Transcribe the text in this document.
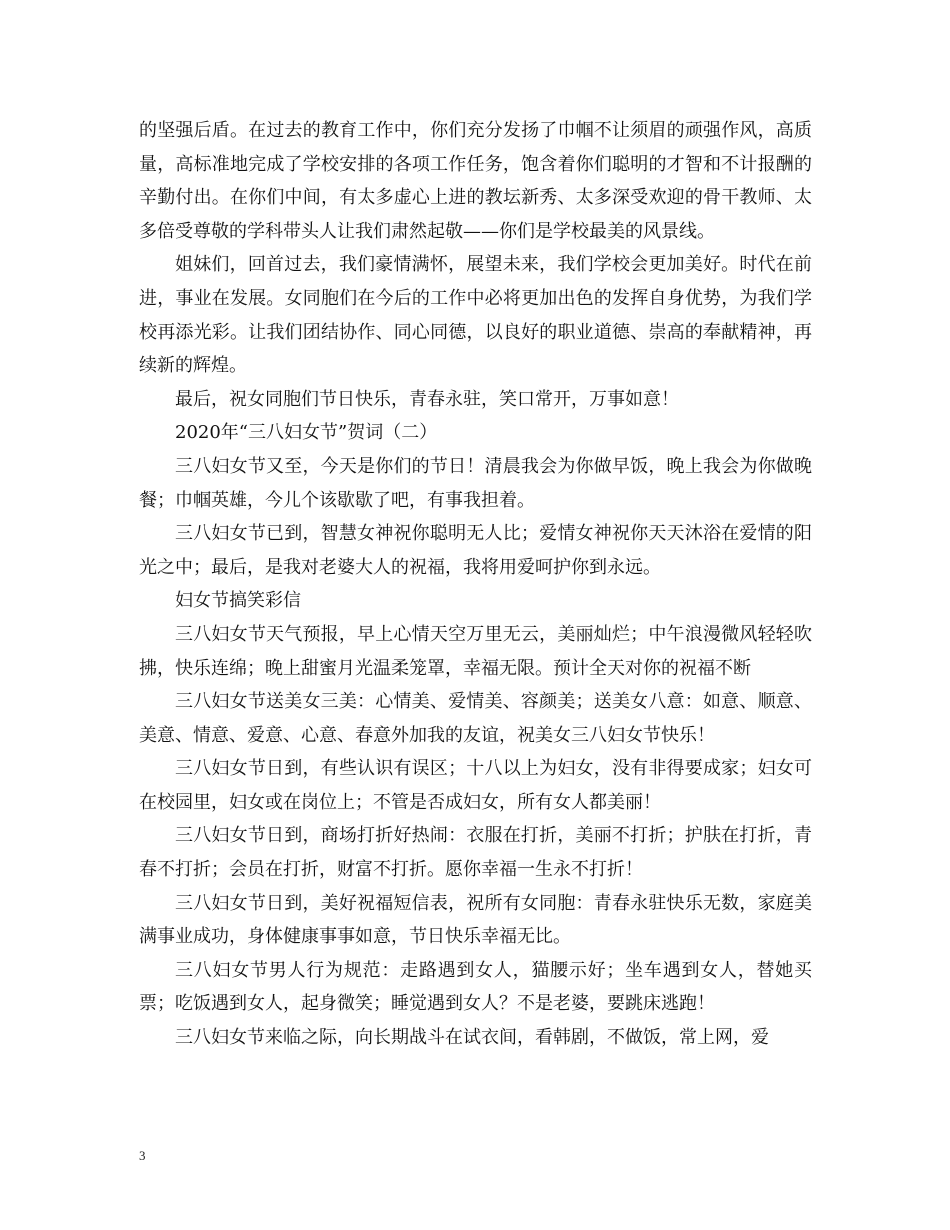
的坚强后盾。在过去的教育工作中，你们充分发扬了巾帼不让须眉的顽强作风，高质量，高标准地完成了学校安排的各项工作任务，饱含着你们聪明的才智和不计报酬的辛勤付出。在你们中间，有太多虚心上进的教坛新秀、太多深受欢迎的骨干教师、太多倍受尊敬的学科带头人让我们肃然起敬——你们是学校最美的风景线。

姐妹们，回首过去，我们豪情满怀，展望未来，我们学校会更加美好。时代在前进，事业在发展。女同胞们在今后的工作中必将更加出色的发挥自身优势，为我们学校再添光彩。让我们团结协作、同心同德，以良好的职业道德、崇高的奉献精神，再续新的辉煌。

最后，祝女同胞们节日快乐，青春永驻，笑口常开，万事如意！

2020年“三八妇女节”贺词（二）

三八妇女节又至，今天是你们的节日！清晨我会为你做早饭，晚上我会为你做晚餐；巾帼英雄，今儿个该歇歇了吧，有事我担着。

三八妇女节已到，智慧女神祝你聪明无人比；爱情女神祝你天天沐浴在爱情的阳光之中；最后，是我对老婆大人的祝福，我将用爱呵护你到永远。

妇女节搞笑彩信

三八妇女节天气预报，早上心情天空万里无云，美丽灿烂；中午浪漫微风轻轻吹拂，快乐连绵；晚上甜蜜月光温柔笼罩，幸福无限。预计全天对你的祝福不断

三八妇女节送美女三美：心情美、爱情美、容颜美；送美女八意：如意、顺意、美意、情意、爱意、心意、春意外加我的友谊，祝美女三八妇女节快乐！

三八妇女节日到，有些认识有误区；十八以上为妇女，没有非得要成家；妇女可在校园里，妇女或在岗位上；不管是否成妇女，所有女人都美丽！

三八妇女节日到，商场打折好热闹：衣服在打折，美丽不打折；护肤在打折，青春不打折；会员在打折，财富不打折。愿你幸福一生永不打折！

三八妇女节日到，美好祝福短信表，祝所有女同胞：青春永驻快乐无数，家庭美满事业成功，身体健康事事如意，节日快乐幸福无比。

三八妇女节男人行为规范：走路遇到女人，猫腰示好；坐车遇到女人，替她买票；吃饭遇到女人，起身微笑；睡觉遇到女人？不是老婆，要跳床逃跑！

三八妇女节来临之际，向长期战斗在试衣间，看韩剧，不做饭，常上网，爱

3
